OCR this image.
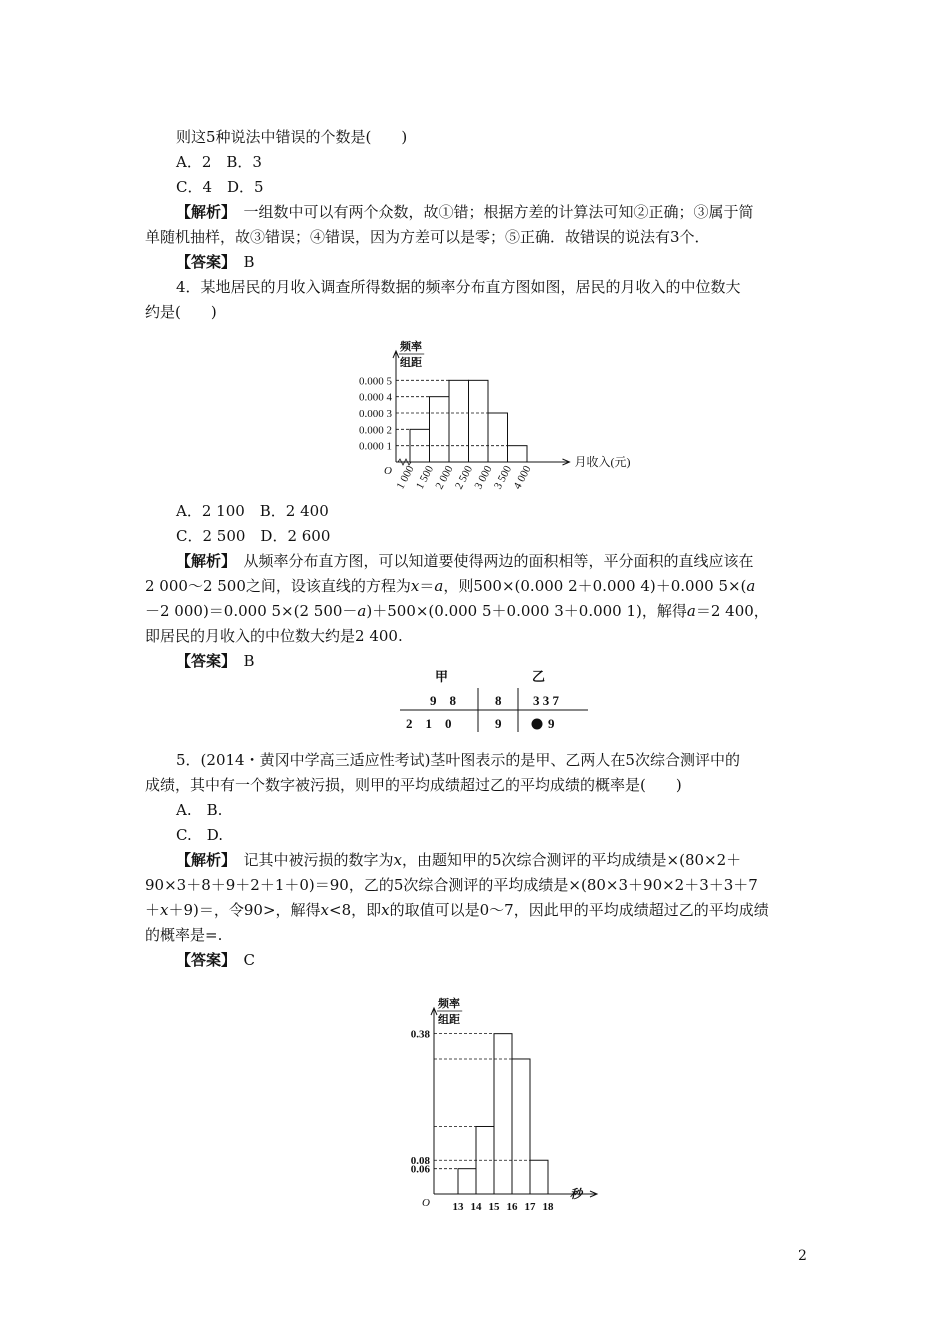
则这5种说法中错误的个数是(　　)
A．2　B．3
C．4　D．5
【解析】　一组数中可以有两个众数，故①错；根据方差的计算法可知②正确；③属于简
单随机抽样，故③错误；④错误，因为方差可以是零；⑤正确．故错误的说法有3个．
【答案】　B
4．某地居民的月收入调查所得数据的频率分布直方图如图，居民的月收入的中位数大
约是(　　)
频率
组距
O
0.000 1
0.000 2
0.000 3
0.000 4
0.000 5
1 000
1 500
2 000
2 500
3 000
3 500
4 000
月收入(元)
A．2 100　B．2 400
C．2 500　D．2 600
【解析】　从频率分布直方图，可以知道要使得两边的面积相等，平分面积的直线应该在
2 000～2 500之间，设该直线的方程为x＝a，则500×(0.000 2＋0.000 4)＋0.000 5×(a
－2 000)＝0.000 5×(2 500－a)＋500×(0.000 5＋0.000 3＋0.000 1)，解得a＝2 400，
即居民的月收入的中位数大约是2 400.
【答案】　B
甲	乙
9　8	8 3 3 7
2　1　0	9	9
5．(2014・黄冈中学高三适应性考试)茎叶图表示的是甲、乙两人在5次综合测评中的
成绩，其中有一个数字被污损，则甲的平均成绩超过乙的平均成绩的概率是(　　)
A.　B.
C.　D.
【解析】　记其中被污损的数字为x，由题知甲的5次综合测评的平均成绩是×(80×2＋
90×3＋8＋9＋2＋1＋0)＝90，乙的5次综合测评的平均成绩是×(80×3＋90×2＋3＋3＋7
＋x＋9)＝，令90>，解得x<8，即x的取值可以是0～7，因此甲的平均成绩超过乙的平均成绩
的概率是=.
【答案】　C
频率
组距
O
0.38
0.08
0.06
13 14 15 16 17 18
秒
2
